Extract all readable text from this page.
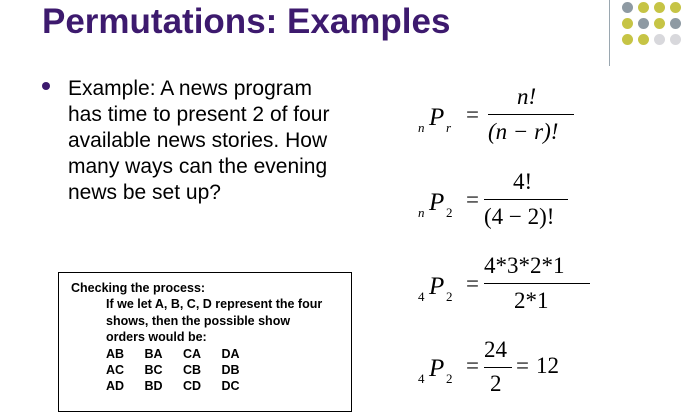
Permutations: Examples
Example: A news program
has time to present 2 of four
available news stories. How
many ways can the evening
news be set up?
Checking the process:
If we let A, B, C, D represent the four
shows, then the possible show
orders would be:
AB	BA	CA	DA
AC	BC	CB	DB
AD	BD	CD	DC
n P r
=
n!
(n − r)!
n P 2
=
4!
(4 − 2)!
4 P 2
=
4*3*2*1
2*1
4 P 2
=
24
2
= 12
